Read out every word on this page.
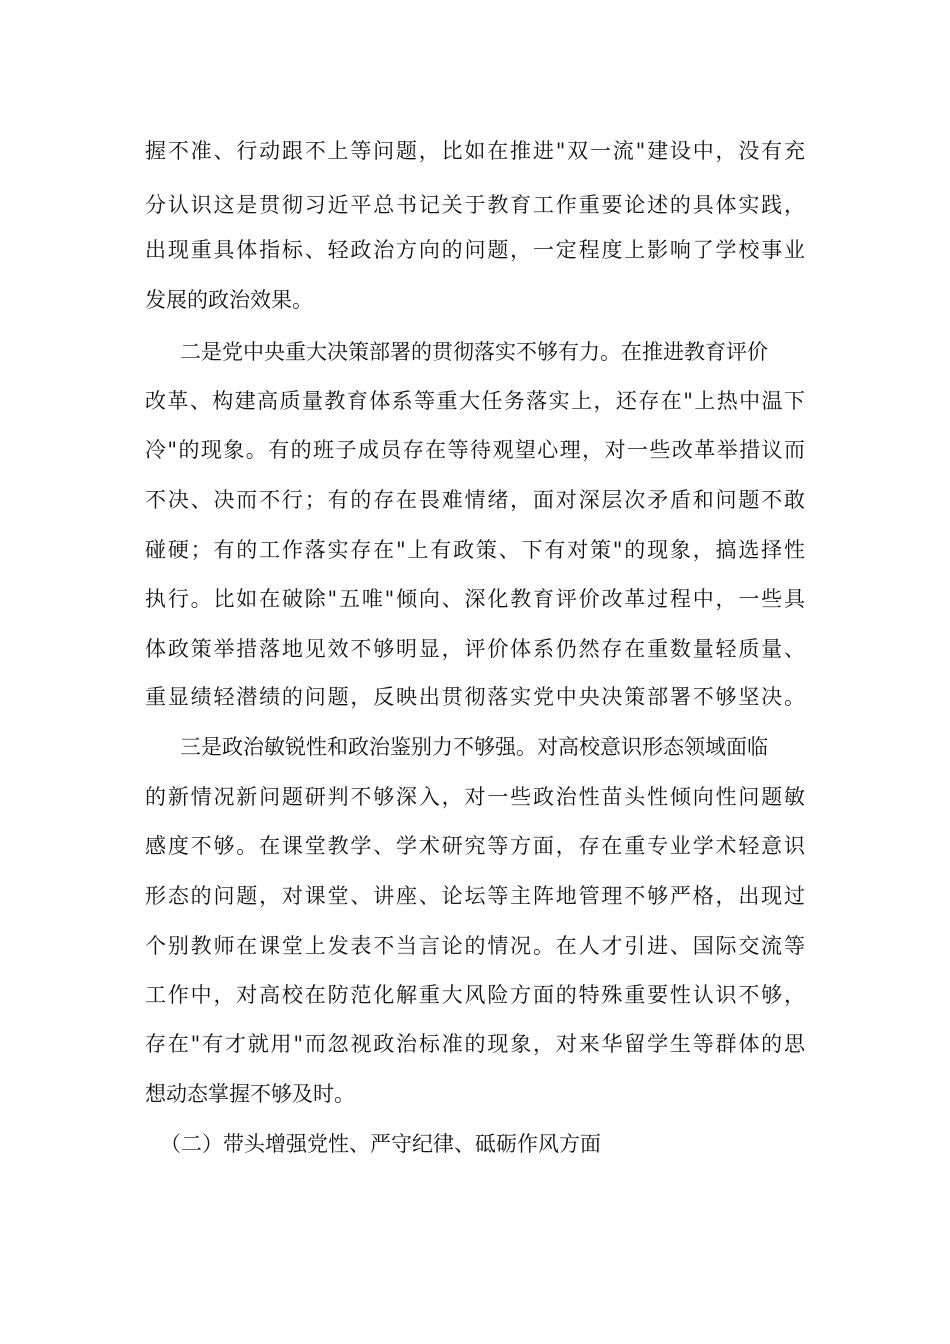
握不准、行动跟不上等问题，比如在推进"双一流"建设中，没有充
分认识这是贯彻习近平总书记关于教育工作重要论述的具体实践，
出现重具体指标、轻政治方向的问题，一定程度上影响了学校事业
发展的政治效果。
二是党中央重大决策部署的贯彻落实不够有力。在推进教育评价
改革、构建高质量教育体系等重大任务落实上，还存在"上热中温下
冷"的现象。有的班子成员存在等待观望心理，对一些改革举措议而
不决、决而不行；有的存在畏难情绪，面对深层次矛盾和问题不敢
碰硬；有的工作落实存在"上有政策、下有对策"的现象，搞选择性
执行。比如在破除"五唯"倾向、深化教育评价改革过程中，一些具
体政策举措落地见效不够明显，评价体系仍然存在重数量轻质量、
重显绩轻潜绩的问题，反映出贯彻落实党中央决策部署不够坚决。
三是政治敏锐性和政治鉴别力不够强。对高校意识形态领域面临
的新情况新问题研判不够深入，对一些政治性苗头性倾向性问题敏
感度不够。在课堂教学、学术研究等方面，存在重专业学术轻意识
形态的问题，对课堂、讲座、论坛等主阵地管理不够严格，出现过
个别教师在课堂上发表不当言论的情况。在人才引进、国际交流等
工作中，对高校在防范化解重大风险方面的特殊重要性认识不够，
存在"有才就用"而忽视政治标准的现象，对来华留学生等群体的思
想动态掌握不够及时。
（二）带头增强党性、严守纪律、砥砺作风方面
